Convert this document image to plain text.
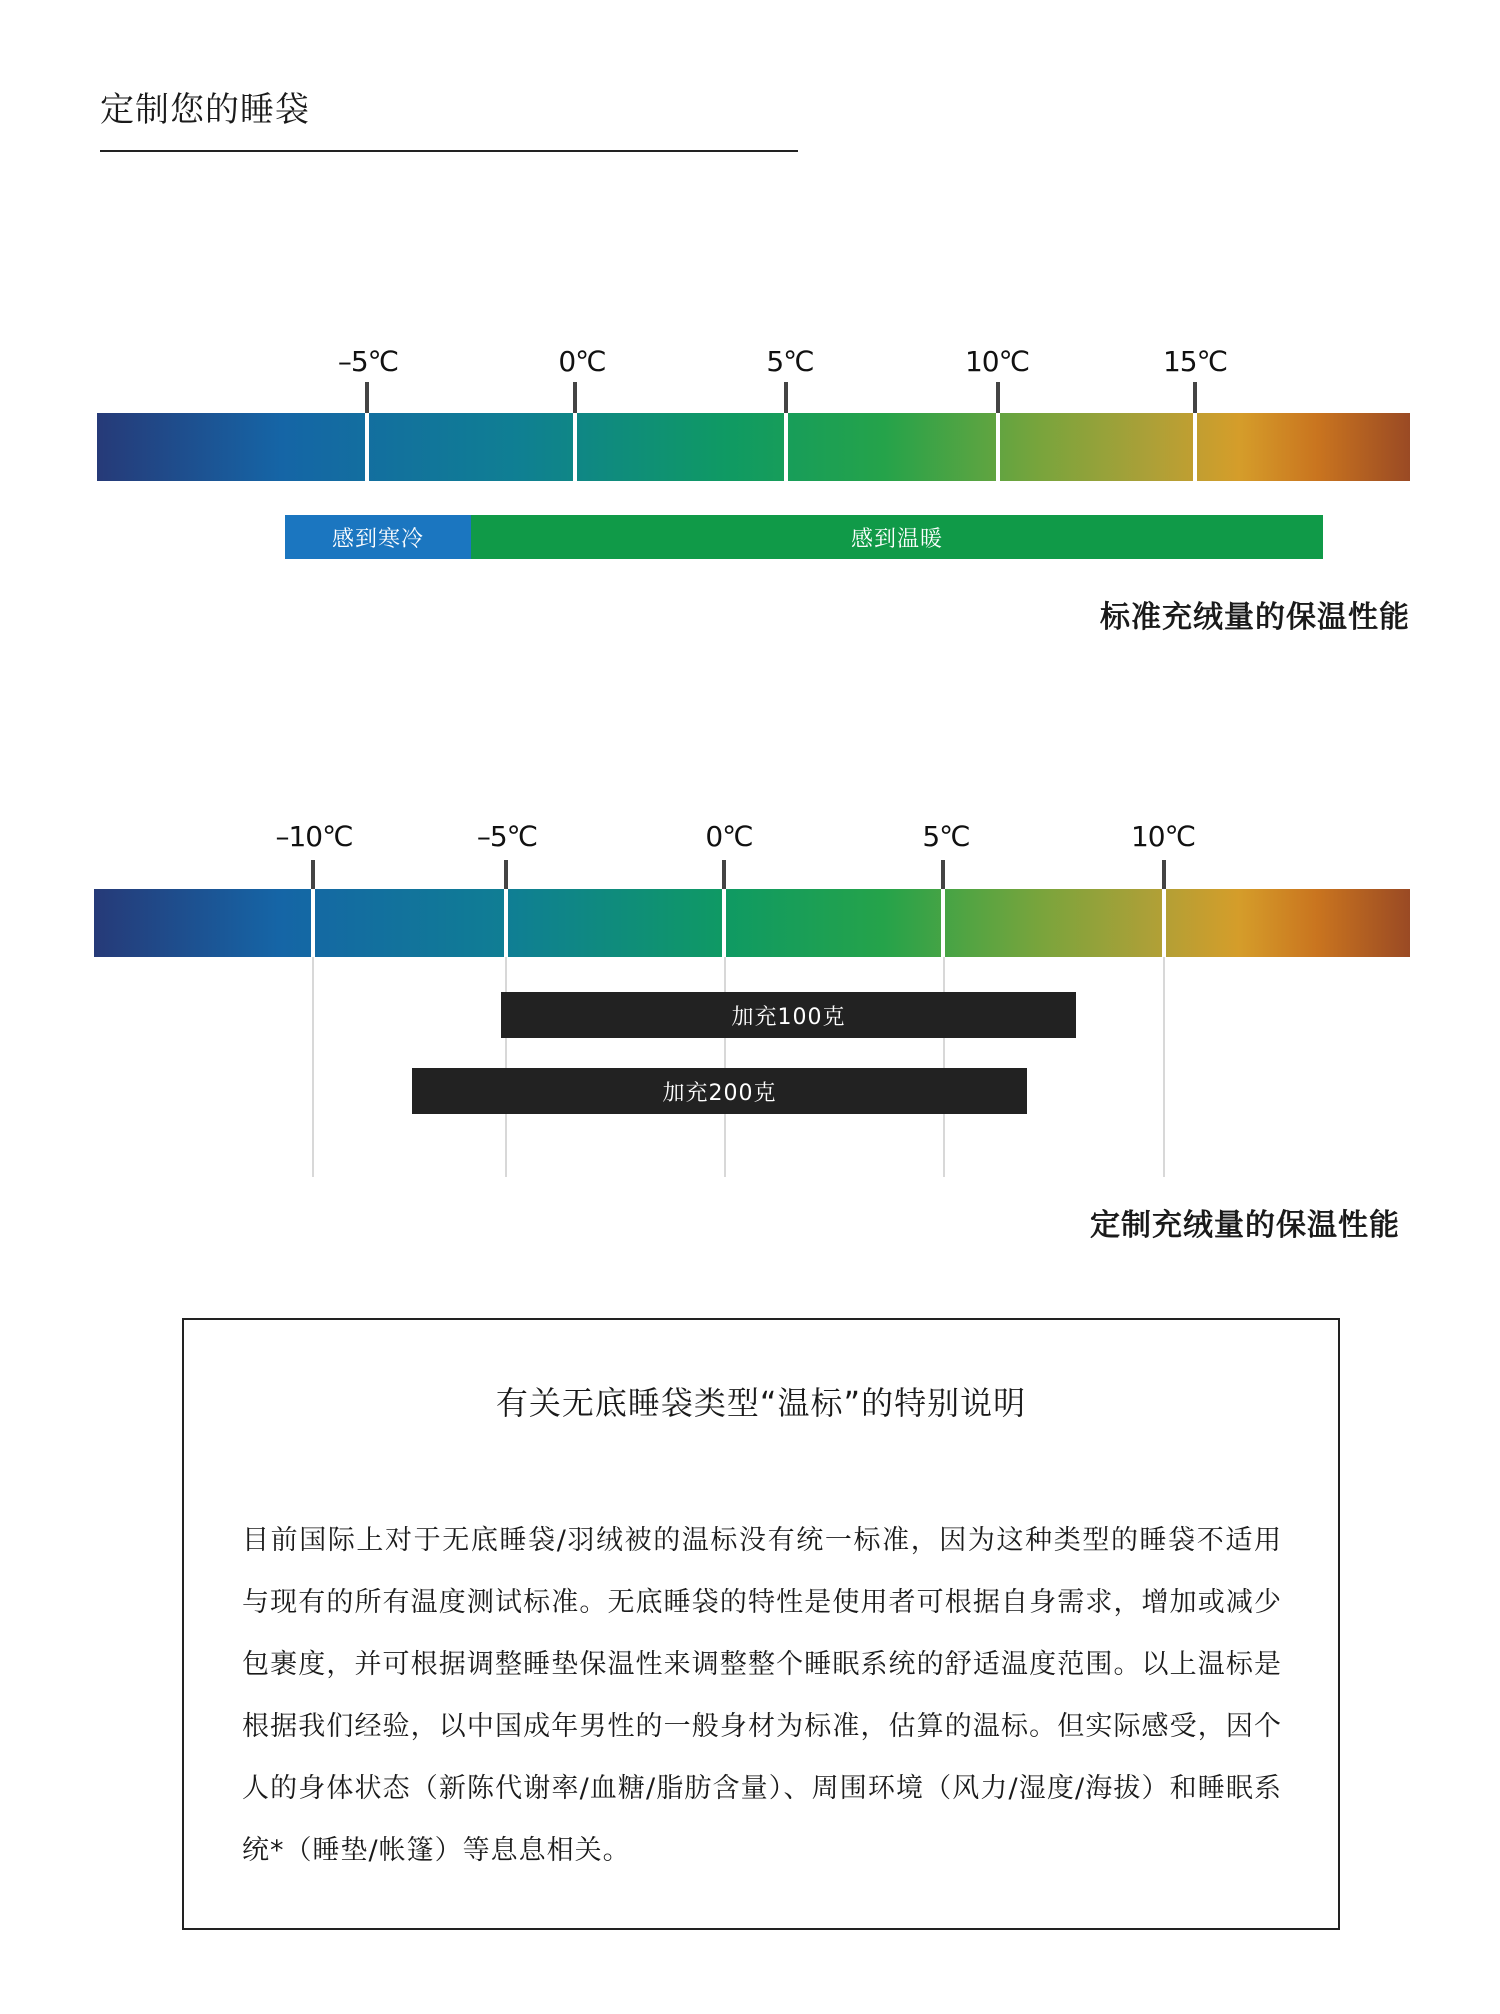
定制您的睡袋
–5℃	0℃	5℃	10℃	15℃
感到寒冷	感到温暖
标准充绒量的保温性能
–10℃	–5℃	0℃	5℃	10℃
加充100克
加充200克
定制充绒量的保温性能
有关无底睡袋类型“温标”的特别说明
目前国际上对于无底睡袋/羽绒被的温标没有统一标准，因为这种类型的睡袋不适用与现有的所有温度测试标准。无底睡袋的特性是使用者可根据自身需求，增加或减少包裹度，并可根据调整睡垫保温性来调整整个睡眠系统的舒适温度范围。以上温标是根据我们经验，以中国成年男性的一般身材为标准，估算的温标。但实际感受，因个人的身体状态（新陈代谢率/血糖/脂肪含量）、周围环境（风力/湿度/海拔）和睡眠系统*（睡垫/帐篷）等息息相关。
